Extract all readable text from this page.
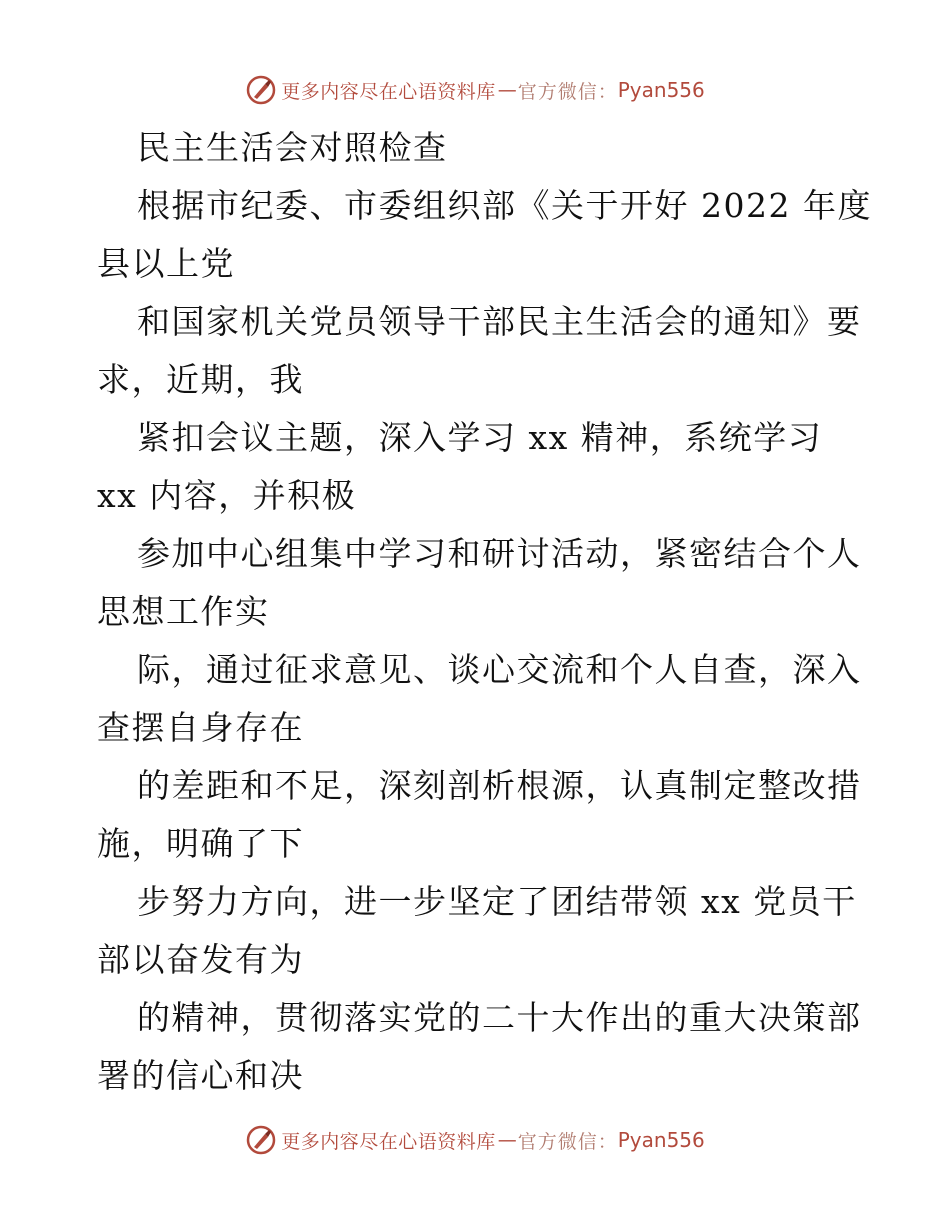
更多内容尽在心语资料库 — 官方微信： Pyan556
民主生活会对照检查
根据市纪委、市委组织部《关于开好 2022 年度
县以上党
和国家机关党员领导干部民主生活会的通知》要
求，近期，我
紧扣会议主题，深入学习 xx 精神，系统学习
xx 内容，并积极
参加中心组集中学习和研讨活动，紧密结合个人
思想工作实
际，通过征求意见、谈心交流和个人自查，深入
查摆自身存在
的差距和不足，深刻剖析根源，认真制定整改措
施，明确了下
步努力方向，进一步坚定了团结带领 xx 党员干
部以奋发有为
的精神，贯彻落实党的二十大作出的重大决策部
署的信心和决
更多内容尽在心语资料库 — 官方微信： Pyan556
